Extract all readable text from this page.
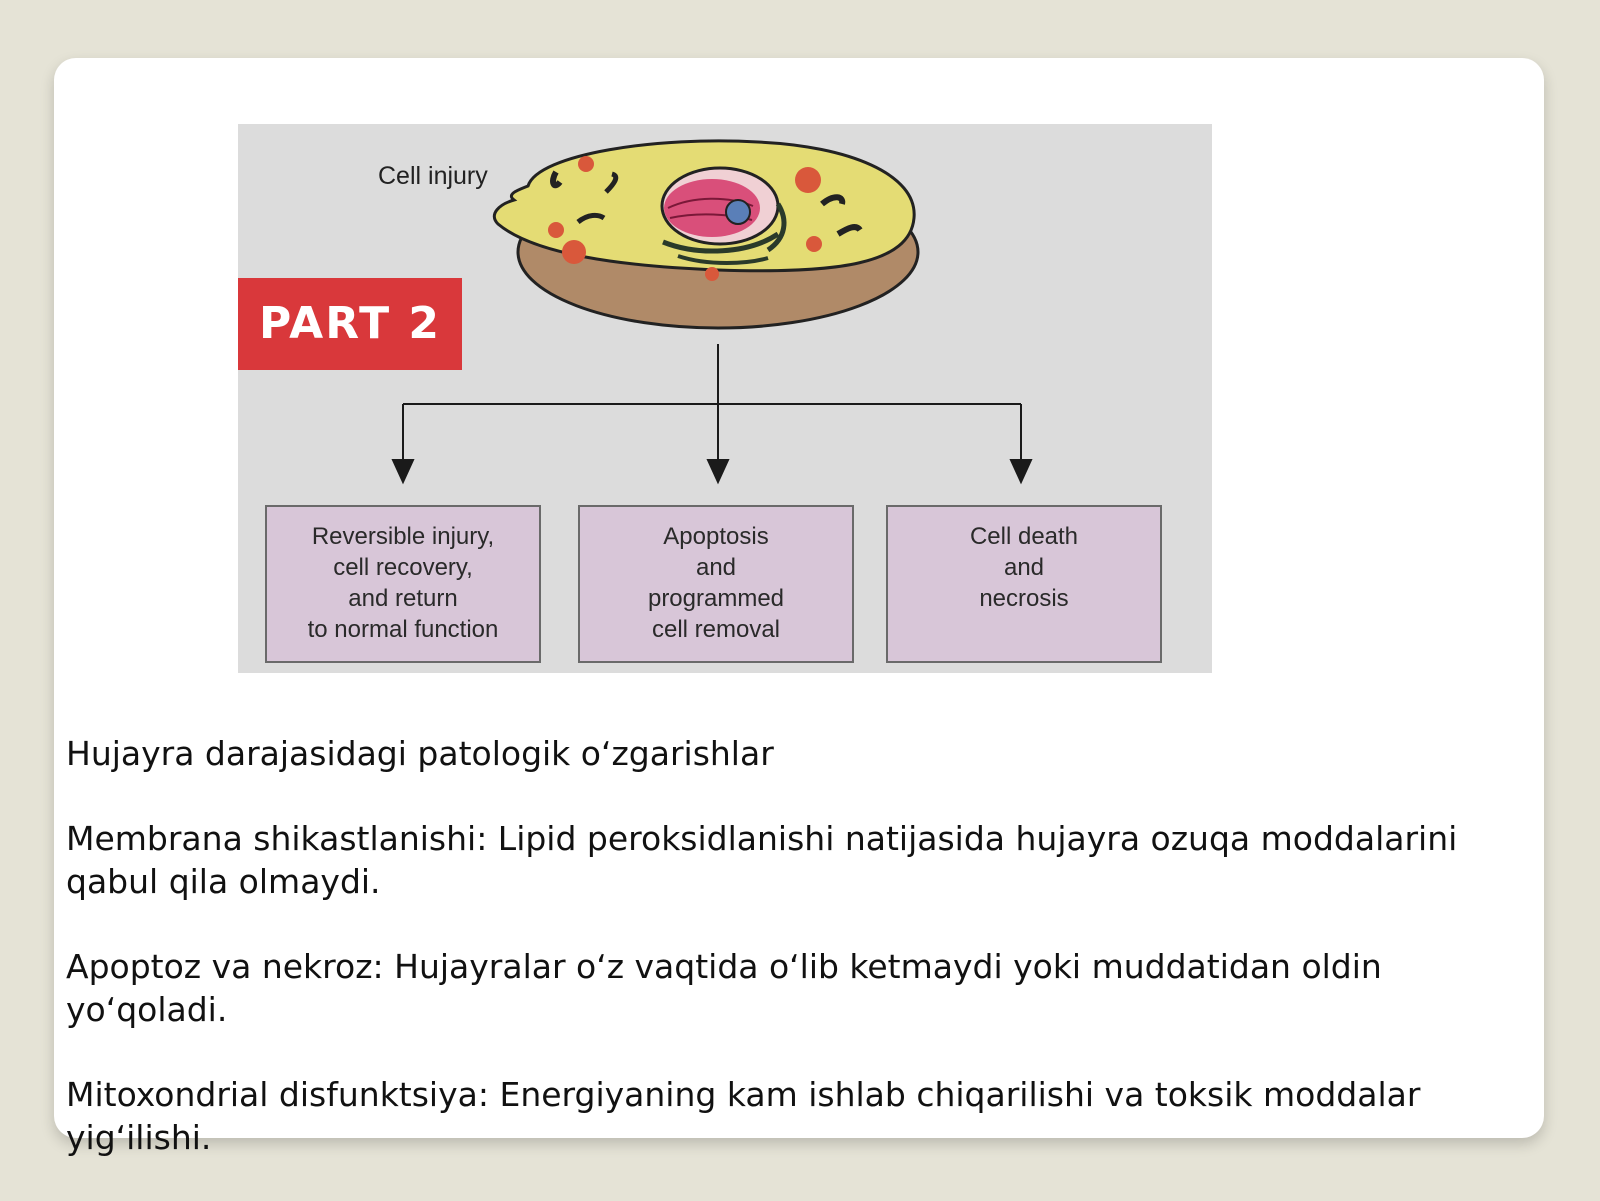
Cell injury
PART 2
Reversible injury,
cell recovery,
and return
to normal function
Apoptosis
and
programmed
cell removal
Cell death
and
necrosis

Hujayra darajasidagi patologik oʻzgarishlar

Membrana shikastlanishi: Lipid peroksidlanishi natijasida hujayra ozuqa moddalarini qabul qila olmaydi.

Apoptoz va nekroz: Hujayralar oʻz vaqtida oʻlib ketmaydi yoki muddatidan oldin yoʻqoladi.

Mitoxondrial disfunktsiya: Energiyaning kam ishlab chiqarilishi va toksik moddalar yigʻilishi.
